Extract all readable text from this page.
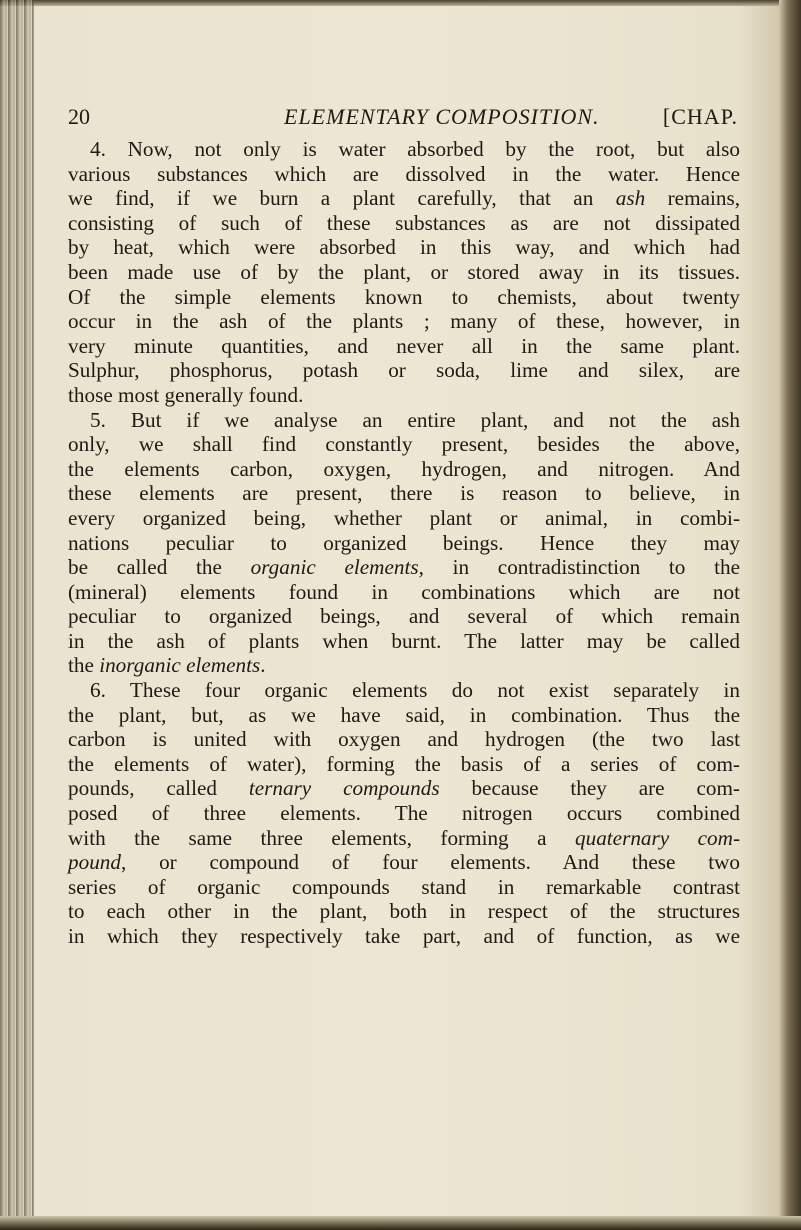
20	ELEMENTARY COMPOSITION.	[CHAP.
4. Now, not only is water absorbed by the root, but also
various substances which are dissolved in the water. Hence
we find, if we burn a plant carefully, that an ash remains,
consisting of such of these substances as are not dissipated
by heat, which were absorbed in this way, and which had
been made use of by the plant, or stored away in its tissues.
Of the simple elements known to chemists, about twenty
occur in the ash of the plants ; many of these, however, in
very minute quantities, and never all in the same plant.
Sulphur, phosphorus, potash or soda, lime and silex, are
those most generally found.
5. But if we analyse an entire plant, and not the ash
only, we shall find constantly present, besides the above,
the elements carbon, oxygen, hydrogen, and nitrogen. And
these elements are present, there is reason to believe, in
every organized being, whether plant or animal, in combi-
nations peculiar to organized beings. Hence they may
be called the organic elements, in contradistinction to the
(mineral) elements found in combinations which are not
peculiar to organized beings, and several of which remain
in the ash of plants when burnt. The latter may be called
the inorganic elements.
6. These four organic elements do not exist separately in
the plant, but, as we have said, in combination. Thus the
carbon is united with oxygen and hydrogen (the two last
the elements of water), forming the basis of a series of com-
pounds, called ternary compounds because they are com-
posed of three elements. The nitrogen occurs combined
with the same three elements, forming a quaternary com-
pound, or compound of four elements. And these two
series of organic compounds stand in remarkable contrast
to each other in the plant, both in respect of the structures
in which they respectively take part, and of function, as we
